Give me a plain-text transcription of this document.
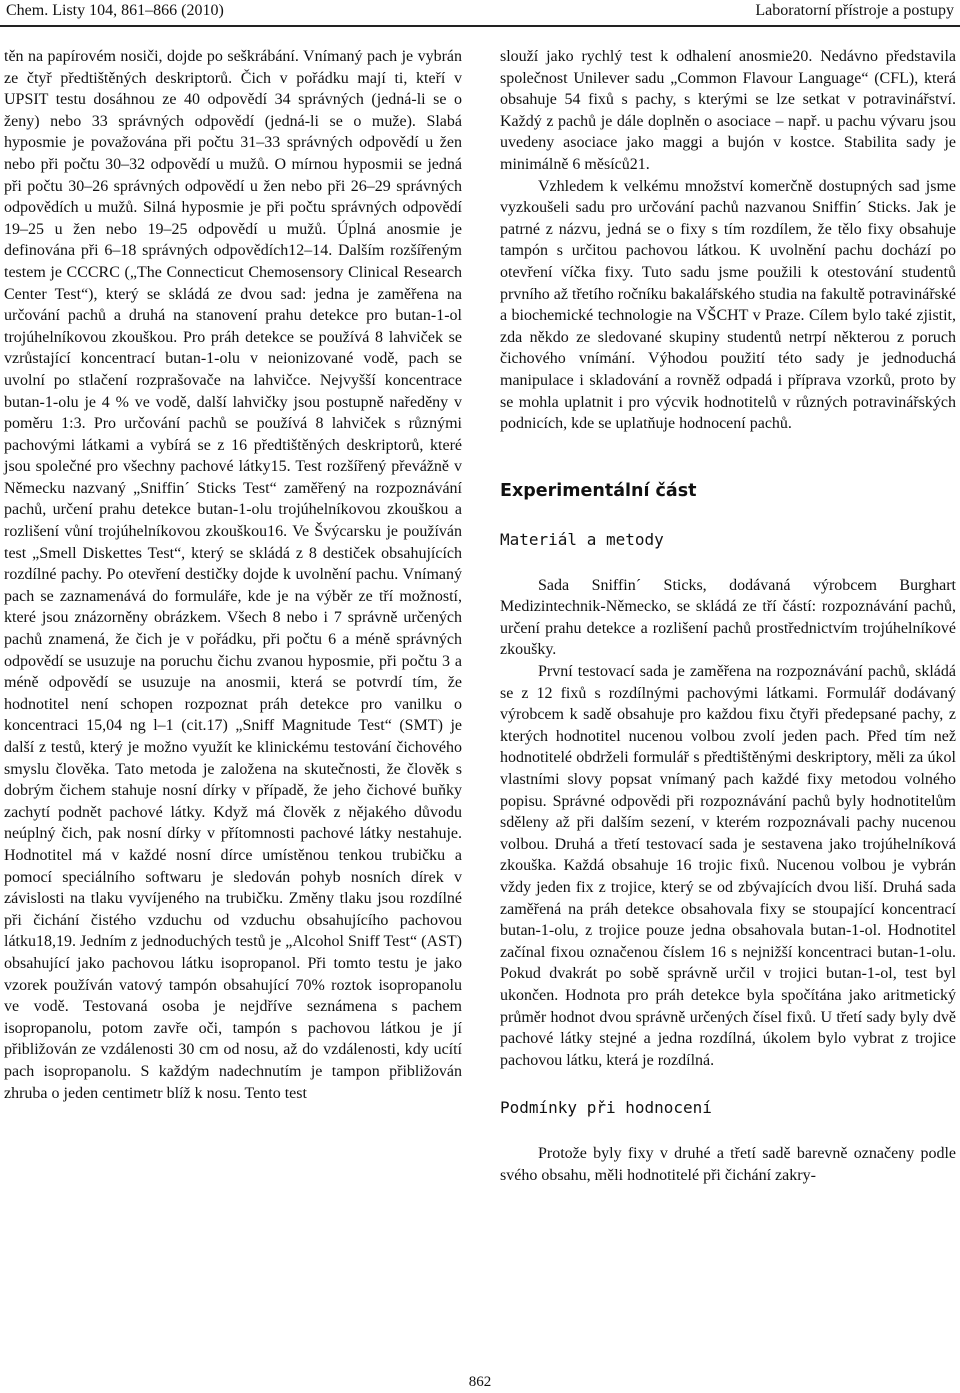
Chem. Listy 104, 861–866 (2010)	Laboratorní přístroje a postupy

těn na papírovém nosiči, dojde po seškrábání. Vnímaný pach je vybrán ze čtyř předtištěných deskriptorů. Čich v pořádku mají ti, kteří v UPSIT testu dosáhnou ze 40 odpovědí 34 správných (jedná-li se o ženy) nebo 33 správných odpovědí (jedná-li se o muže). Slabá hyposmie je považována při počtu 31–33 správných odpovědí u žen nebo při počtu 30–32 odpovědí u mužů. O mírnou hyposmii se jedná při počtu 30–26 správných odpovědí u žen nebo při 26–29 správných odpovědích u mužů. Silná hyposmie je při počtu správných odpovědí 19–25 u žen nebo 19–25 odpovědí u mužů. Úplná anosmie je definována při 6–18 správných odpovědích12–14. Dalším rozšířeným testem je CCCRC („The Connecticut Chemosensory Clinical Research Center Test“), který se skládá ze dvou sad: jedna je zaměřena na určování pachů a druhá na stanovení prahu detekce pro butan-1-ol trojúhelníkovou zkouškou. Pro práh detekce se používá 8 lahviček se vzrůstající koncentrací butan-1-olu v neionizované vodě, pach se uvolní po stlačení rozprašovače na lahvičce. Nejvyšší koncentrace butan-1-olu je 4 % ve vodě, další lahvičky jsou postupně naředěny v poměru 1:3. Pro určování pachů se používá 8 lahviček s různými pachovými látkami a vybírá se z 16 předtištěných deskriptorů, které jsou společné pro všechny pachové látky15. Test rozšířený převážně v Německu nazvaný „Sniffin´ Sticks Test“ zaměřený na rozpoznávání pachů, určení prahu detekce butan-1-olu trojúhelníkovou zkouškou a rozlišení vůní trojúhelníkovou zkouškou16. Ve Švýcarsku je používán test „Smell Diskettes Test“, který se skládá z 8 destiček obsahujících rozdílné pachy. Po otevření destičky dojde k uvolnění pachu. Vnímaný pach se zaznamenává do formuláře, kde je na výběr ze tří možností, které jsou znázorněny obrázkem. Všech 8 nebo i 7 správně určených pachů znamená, že čich je v pořádku, při počtu 6 a méně správných odpovědí se usuzuje na poruchu čichu zvanou hyposmie, při počtu 3 a méně odpovědí se usuzuje na anosmii, která se potvrdí tím, že hodnotitel není schopen rozpoznat práh detekce pro vanilku o koncentraci 15,04 ng l–1 (cit.17) „Sniff Magnitude Test“ (SMT) je další z testů, který je možno využít ke klinickému testování čichového smyslu člověka. Tato metoda je založena na skutečnosti, že člověk s dobrým čichem stahuje nosní dírky v případě, že jeho čichové buňky zachytí podnět pachové látky. Když má člověk z nějakého důvodu neúplný čich, pak nosní dírky v přítomnosti pachové látky nestahuje. Hodnotitel má v každé nosní dírce umístěnou tenkou trubičku a pomocí speciálního softwaru je sledován pohyb nosních dírek v závislosti na tlaku vyvíjeného na trubičku. Změny tlaku jsou rozdílné při čichání čistého vzduchu od vzduchu obsahujícího pachovou látku18,19. Jedním z jednoduchých testů je „Alcohol Sniff Test“ (AST) obsahující jako pachovou látku isopropanol. Při tomto testu je jako vzorek používán vatový tampón obsahující 70% roztok isopropanolu ve vodě. Testovaná osoba je nejdříve seznámena s pachem isopropanolu, potom zavře oči, tampón s pachovou látkou je jí přibližován ze vzdálenosti 30 cm od nosu, až do vzdálenosti, kdy ucítí pach isopropanolu. S každým nadechnutím je tampon přibližován zhruba o jeden centimetr blíž k nosu. Tento test

slouží jako rychlý test k odhalení anosmie20. Nedávno představila společnost Unilever sadu „Common Flavour Language“ (CFL), která obsahuje 54 fixů s pachy, s kterými se lze setkat v potravinářství. Každý z pachů je dále doplněn o asociace – např. u pachu vývaru jsou uvedeny asociace jako maggi a bujón v kostce. Stabilita sady je minimálně 6 měsíců21.

Vzhledem k velkému množství komerčně dostupných sad jsme vyzkoušeli sadu pro určování pachů nazvanou Sniffin´ Sticks. Jak je patrné z názvu, jedná se o fixy s tím rozdílem, že tělo fixy obsahuje tampón s určitou pachovou látkou. K uvolnění pachu dochází po otevření víčka fixy. Tuto sadu jsme použili k otestování studentů prvního až třetího ročníku bakalářského studia na fakultě potravinářské a biochemické technologie na VŠCHT v Praze. Cílem bylo také zjistit, zda někdo ze sledované skupiny studentů netrpí některou z poruch čichového vnímání. Výhodou použití této sady je jednoduchá manipulace i skladování a rovněž odpadá i příprava vzorků, proto by se mohla uplatnit i pro výcvik hodnotitelů v různých potravinářských podnicích, kde se uplatňuje hodnocení pachů.

Experimentální část
Materiál a metody

Sada Sniffin´ Sticks, dodávaná výrobcem Burghart Medizintechnik-Německo, se skládá ze tří částí: rozpoznávání pachů, určení prahu detekce a rozlišení pachů prostřednictvím trojúhelníkové zkoušky.

První testovací sada je zaměřena na rozpoznávání pachů, skládá se z 12 fixů s rozdílnými pachovými látkami. Formulář dodávaný výrobcem k sadě obsahuje pro každou fixu čtyři předepsané pachy, z kterých hodnotitel nucenou volbou zvolí jeden pach. Před tím než hodnotitelé obdrželi formulář s předtištěnými deskriptory, měli za úkol vlastními slovy popsat vnímaný pach každé fixy metodou volného popisu. Správné odpovědi při rozpoznávání pachů byly hodnotitelům sděleny až při dalším sezení, v kterém rozpoznávali pachy nucenou volbou. Druhá a třetí testovací sada je sestavena jako trojúhelníková zkouška. Každá obsahuje 16 trojic fixů. Nucenou volbou je vybrán vždy jeden fix z trojice, který se od zbývajících dvou liší. Druhá sada zaměřená na práh detekce obsahovala fixy se stoupající koncentrací butan-1-olu, z trojice pouze jedna obsahovala butan-1-ol. Hodnotitel začínal fixou označenou číslem 16 s nejnižší koncentraci butan-1-olu. Pokud dvakrát po sobě správně určil v trojici butan-1-ol, test byl ukončen. Hodnota pro práh detekce byla spočítána jako aritmetický průměr hodnot dvou správně určených čísel fixů. U třetí sady byly dvě pachové látky stejné a jedna rozdílná, úkolem bylo vybrat z trojice pachovou látku, která je rozdílná.

Podmínky při hodnocení

Protože byly fixy v druhé a třetí sadě barevně označeny podle svého obsahu, měli hodnotitelé při čichání zakry-

862
